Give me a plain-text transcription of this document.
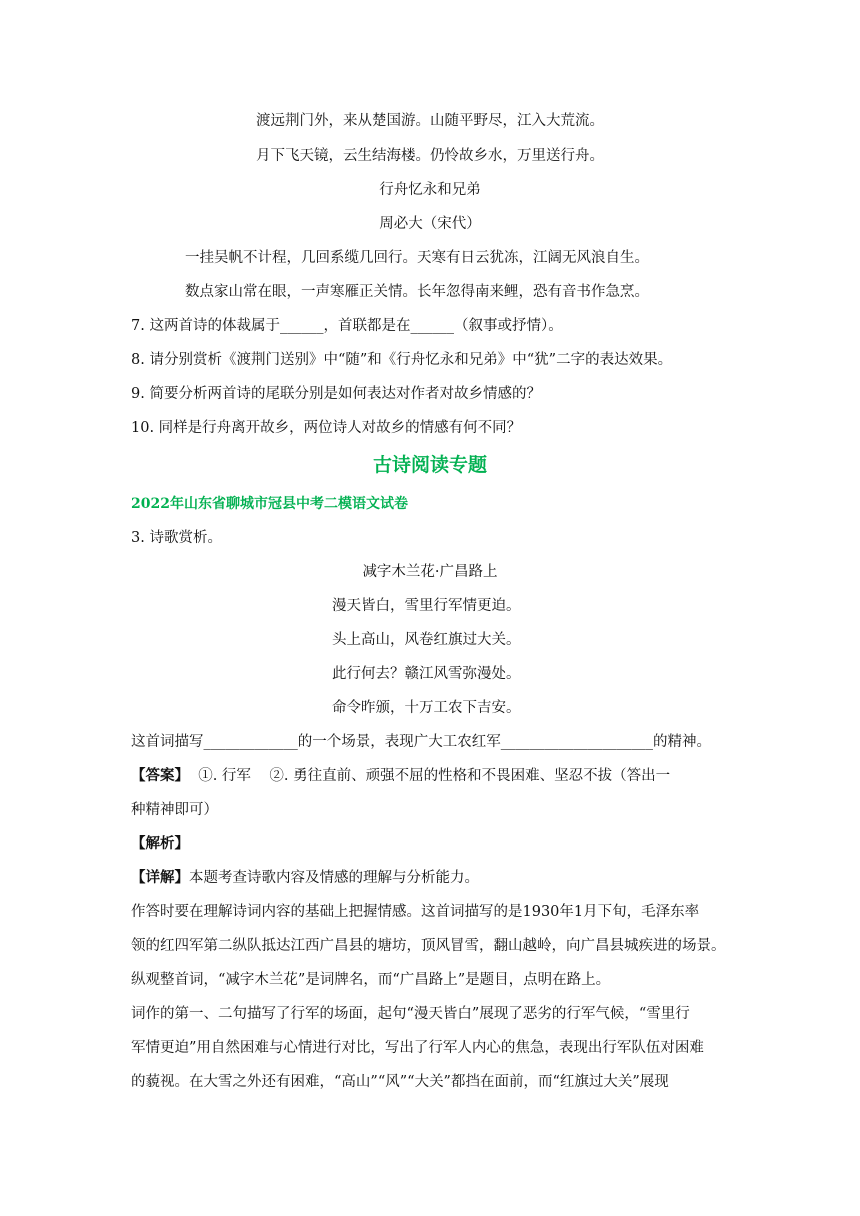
渡远荆门外，来从楚国游。山随平野尽，江入大荒流。
月下飞天镜，云生结海楼。仍怜故乡水，万里送行舟。
行舟忆永和兄弟
周必大（宋代）
一挂吴帆不计程，几回系缆几回行。天寒有日云犹冻，江阔无风浪自生。
数点家山常在眼，一声寒雁正关情。长年忽得南来鲤，恐有音书作急烹。
7. 这两首诗的体裁属于______，首联都是在______（叙事或抒情）。
8. 请分别赏析《渡荆门送别》中“随”和《行舟忆永和兄弟》中“犹”二字的表达效果。
9. 简要分析两首诗的尾联分别是如何表达对作者对故乡情感的？
10. 同样是行舟离开故乡，两位诗人对故乡的情感有何不同？
古诗阅读专题
2022年山东省聊城市冠县中考二模语文试卷
3. 诗歌赏析。
减字木兰花·广昌路上
漫天皆白，雪里行军情更迫。
头上高山，风卷红旗过大关。
此行何去？赣江风雪弥漫处。
命令昨颁，十万工农下吉安。
这首词描写_____________的一个场景，表现广大工农红军_____________________的精神。
【答案】  ①. 行军    ②. 勇往直前、顽强不屈的性格和不畏困难、坚忍不拔（答出一
种精神即可）
【解析】
【详解】本题考查诗歌内容及情感的理解与分析能力。
作答时要在理解诗词内容的基础上把握情感。这首词描写的是1930年1月下旬，毛泽东率
领的红四军第二纵队抵达江西广昌县的塘坊，顶风冒雪，翻山越岭，向广昌县城疾进的场景。
纵观整首词，“减字木兰花”是词牌名，而“广昌路上”是题目，点明在路上。
词作的第一、二句描写了行军的场面，起句“漫天皆白”展现了恶劣的行军气候，“雪里行
军情更迫”用自然困难与心情进行对比，写出了行军人内心的焦急，表现出行军队伍对困难
的藐视。在大雪之外还有困难，“高山”“风”“大关”都挡在面前，而“红旗过大关”展现
